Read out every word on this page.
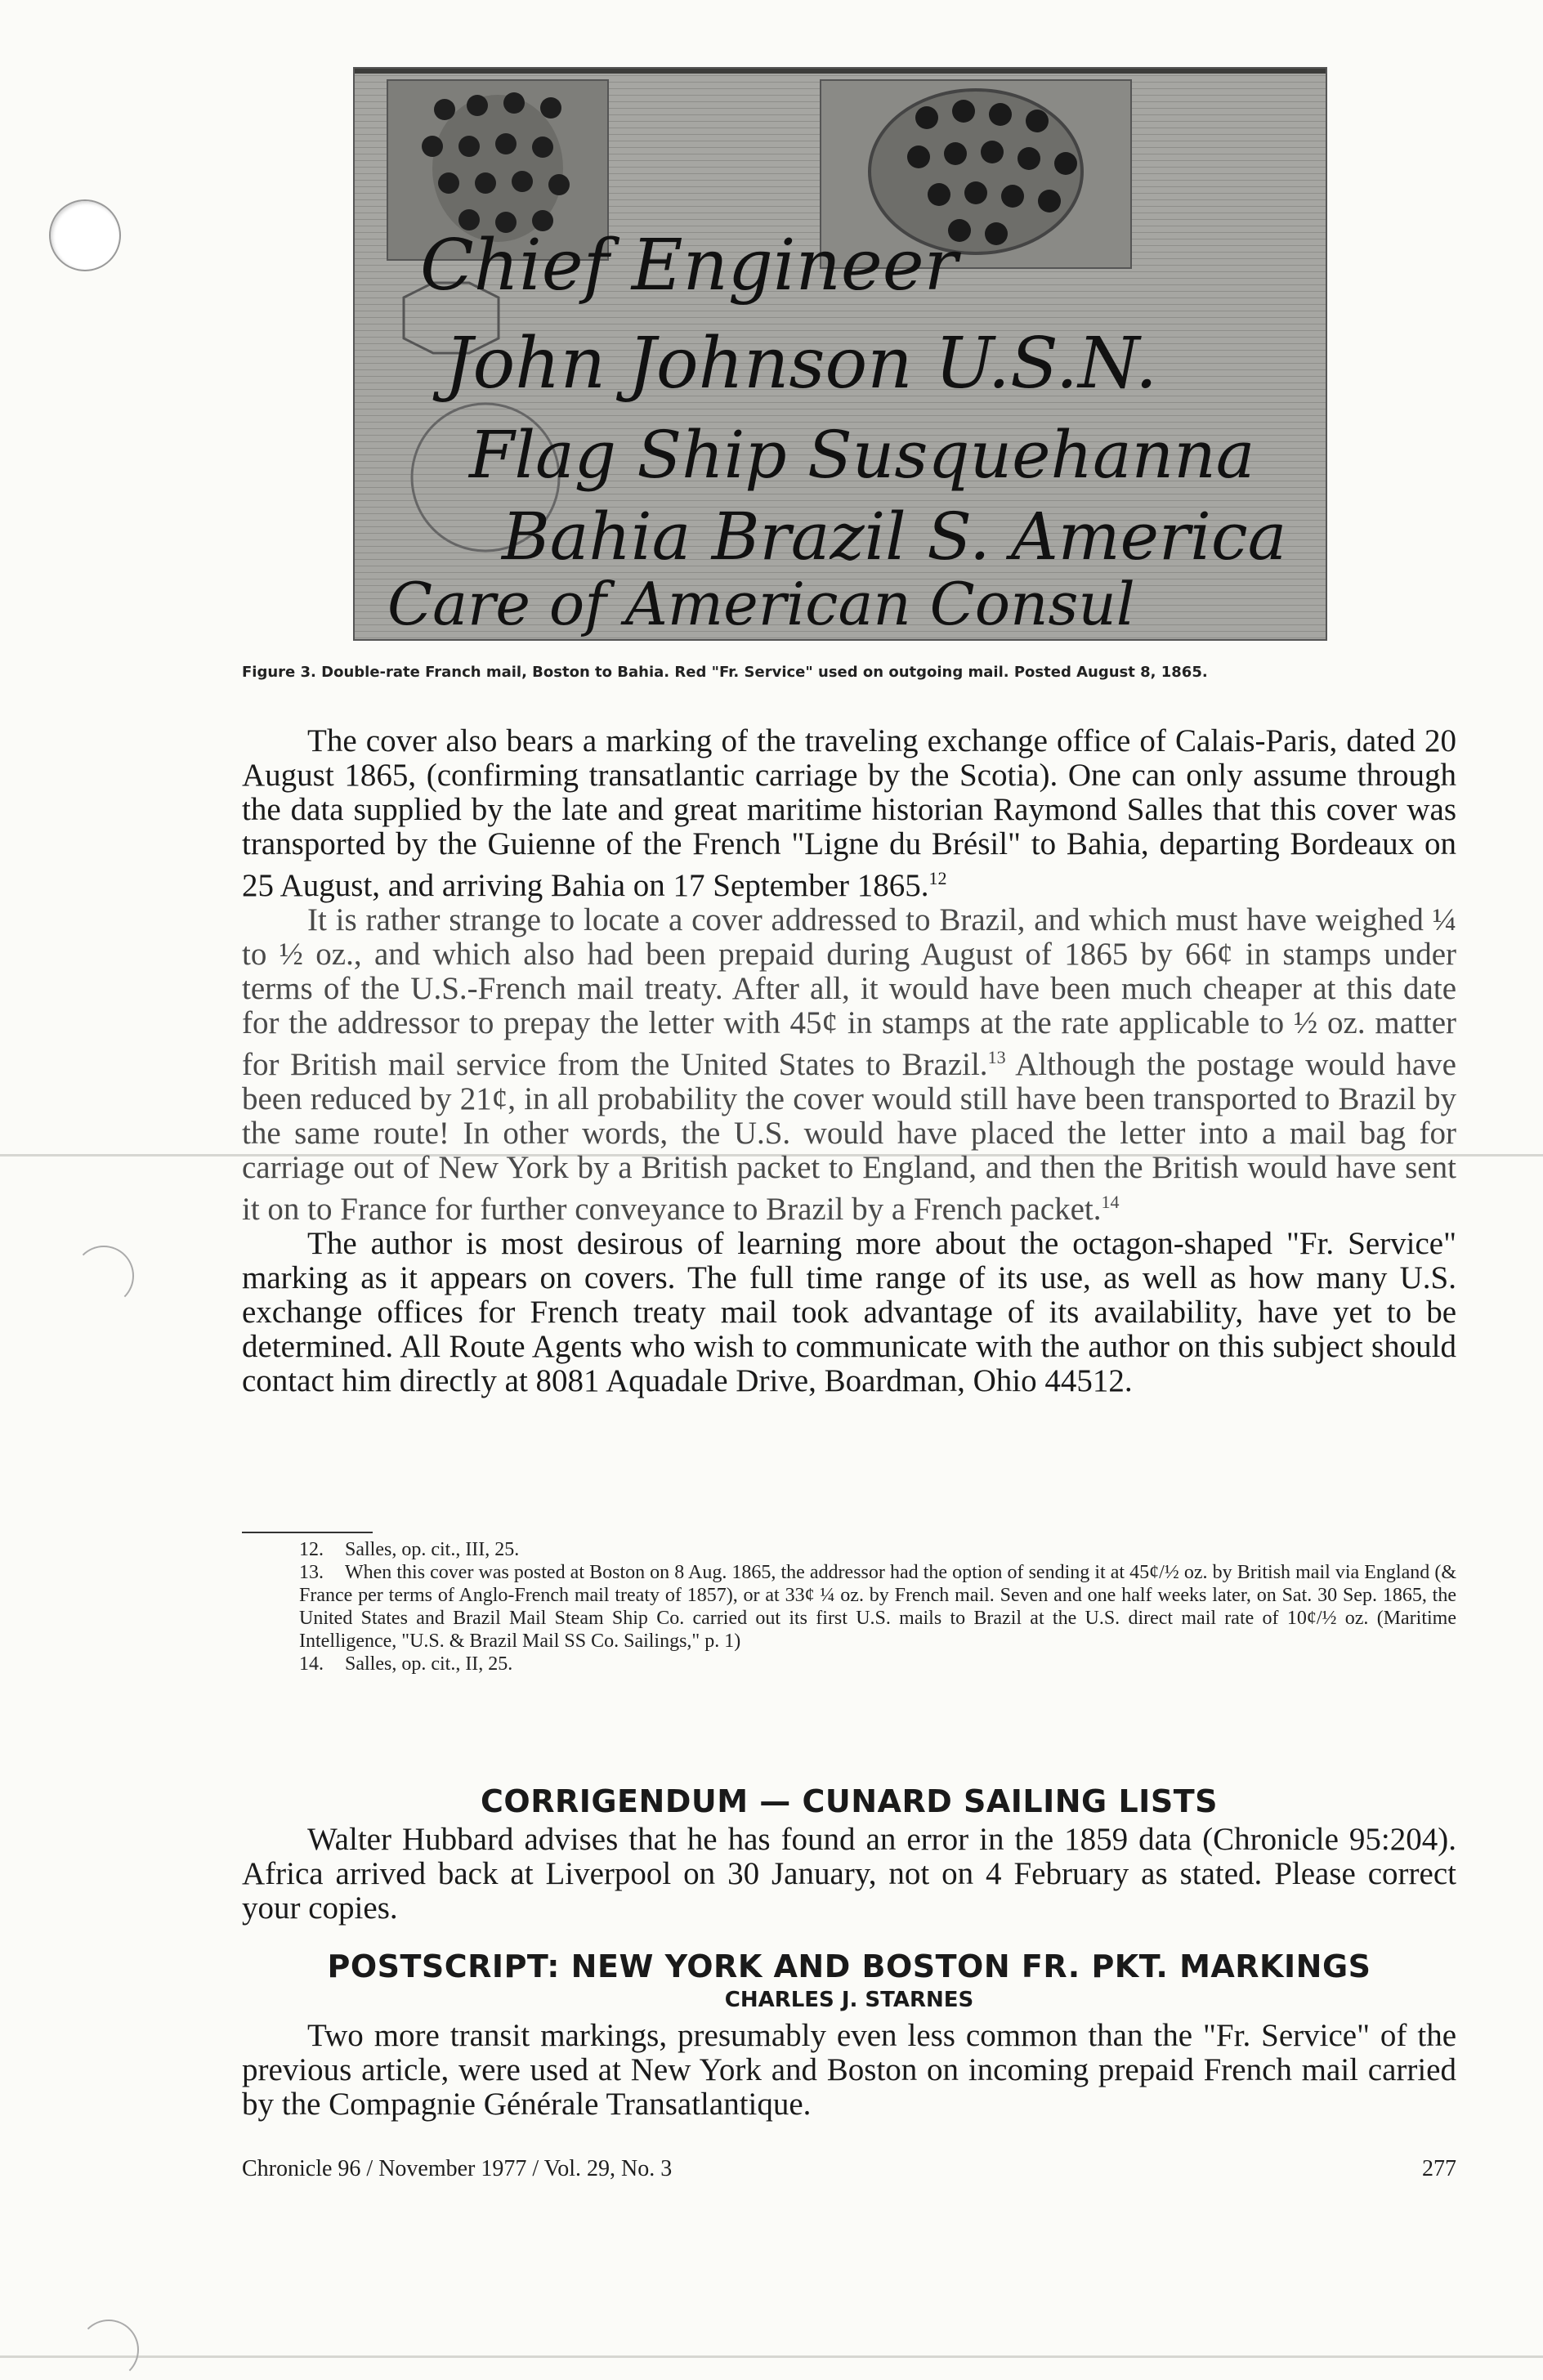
Chief Engineer
John Johnson U.S.N.
Flag Ship Susquehanna
Bahia Brazil S. America
Care of American Consul
Figure 3. Double-rate Franch mail, Boston to Bahia. Red "Fr. Service" used on outgoing mail. Posted August 8, 1865.

The cover also bears a marking of the traveling exchange office of Calais-Paris, dated 20 August 1865, (confirming transatlantic carriage by the Scotia). One can only assume through the data supplied by the late and great maritime historian Raymond Salles that this cover was transported by the Guienne of the French "Ligne du Brésil" to Bahia, departing Bordeaux on 25 August, and arriving Bahia on 17 September 1865.12

It is rather strange to locate a cover addressed to Brazil, and which must have weighed ¼ to ½ oz., and which also had been prepaid during August of 1865 by 66¢ in stamps under terms of the U.S.-French mail treaty. After all, it would have been much cheaper at this date for the addressor to prepay the letter with 45¢ in stamps at the rate applicable to ½ oz. matter for British mail service from the United States to Brazil.$^{13}$ Although the postage would have been reduced by 21¢, in all probability the cover would still have been transported to Brazil by the same route! In other words, the U.S. would have placed the letter into a mail bag for carriage out of New York by a British packet to England, and then the British would have sent it on to France for further conveyance to Brazil by a French packet.$^{14}$

The author is most desirous of learning more about the octagon-shaped "Fr. Service" marking as it appears on covers. The full time range of its use, as well as how many U.S. exchange offices for French treaty mail took advantage of its availability, have yet to be determined. All Route Agents who wish to communicate with the author on this subject should contact him directly at 8081 Aquadale Drive, Boardman, Ohio 44512.

12. Salles, op. cit., III, 25.

13. When this cover was posted at Boston on 8 Aug. 1865, the addressor had the option of sending it at 45¢/½ oz. by British mail via England (& France per terms of Anglo-French mail treaty of 1857), or at 33¢ ¼ oz. by French mail. Seven and one half weeks later, on Sat. 30 Sep. 1865, the United States and Brazil Mail Steam Ship Co. carried out its first U.S. mails to Brazil at the U.S. direct mail rate of 10¢/½ oz. (Maritime Intelligence, "U.S. & Brazil Mail SS Co. Sailings," p. 1)

14. Salles, op. cit., II, 25.

CORRIGENDUM — CUNARD SAILING LISTS

Walter Hubbard advises that he has found an error in the 1859 data (Chronicle 95:204). Africa arrived back at Liverpool on 30 January, not on 4 February as stated. Please correct your copies.

POSTSCRIPT: NEW YORK AND BOSTON FR. PKT. MARKINGS
CHARLES J. STARNES

Two more transit markings, presumably even less common than the "Fr. Service" of the previous article, were used at New York and Boston on incoming prepaid French mail carried by the Compagnie Générale Transatlantique.

Chronicle 96 / November 1977 / Vol. 29, No. 3	277
